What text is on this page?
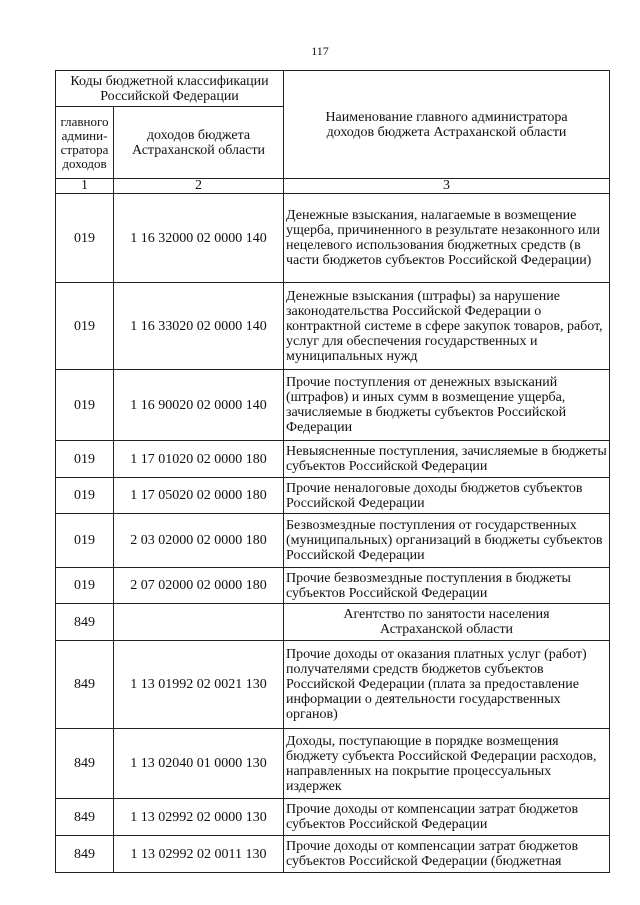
117
Коды бюджетной классификации Российской Федерации		Наименование главного администратора доходов бюджета Астраханской области
главного админи-стратора доходов	доходов бюджета Астраханской области	
1	2	3
019	1 16 32000 02 0000 140	Денежные взыскания, налагаемые в возмещение ущерба, причиненного в результате незаконного или нецелевого использования бюджетных средств (в части бюджетов субъектов Российской Федерации)
019	1 16 33020 02 0000 140	Денежные взыскания (штрафы) за нарушение законодательства Российской Федерации о контрактной системе в сфере закупок товаров, работ, услуг для обеспечения государственных и муниципальных нужд
019	1 16 90020 02 0000 140	Прочие поступления от денежных взысканий (штрафов) и иных сумм в возмещение ущерба, зачисляемые в бюджеты субъектов Российской Федерации
019	1 17 01020 02 0000 180	Невыясненные поступления, зачисляемые в бюджеты субъектов Российской Федерации
019	1 17 05020 02 0000 180	Прочие неналоговые доходы бюджетов субъектов Российской Федерации
019	2 03 02000 02 0000 180	Безвозмездные поступления от государственных (муниципальных) организаций в бюджеты субъектов Российской Федерации
019	2 07 02000 02 0000 180	Прочие безвозмездные поступления в бюджеты субъектов Российской Федерации
849		Агентство по занятости населения Астраханской области
849	1 13 01992 02 0021 130	Прочие доходы от оказания платных услуг (работ) получателями средств бюджетов субъектов Российской Федерации (плата за предоставление информации о деятельности государственных органов)
849	1 13 02040 01 0000 130	Доходы, поступающие в порядке возмещения бюджету субъекта Российской Федерации расходов, направленных на покрытие процессуальных издержек
849	1 13 02992 02 0000 130	Прочие доходы от компенсации затрат бюджетов субъектов Российской Федерации
849	1 13 02992 02 0011 130	Прочие доходы от компенсации затрат бюджетов субъектов Российской Федерации (бюджетная
